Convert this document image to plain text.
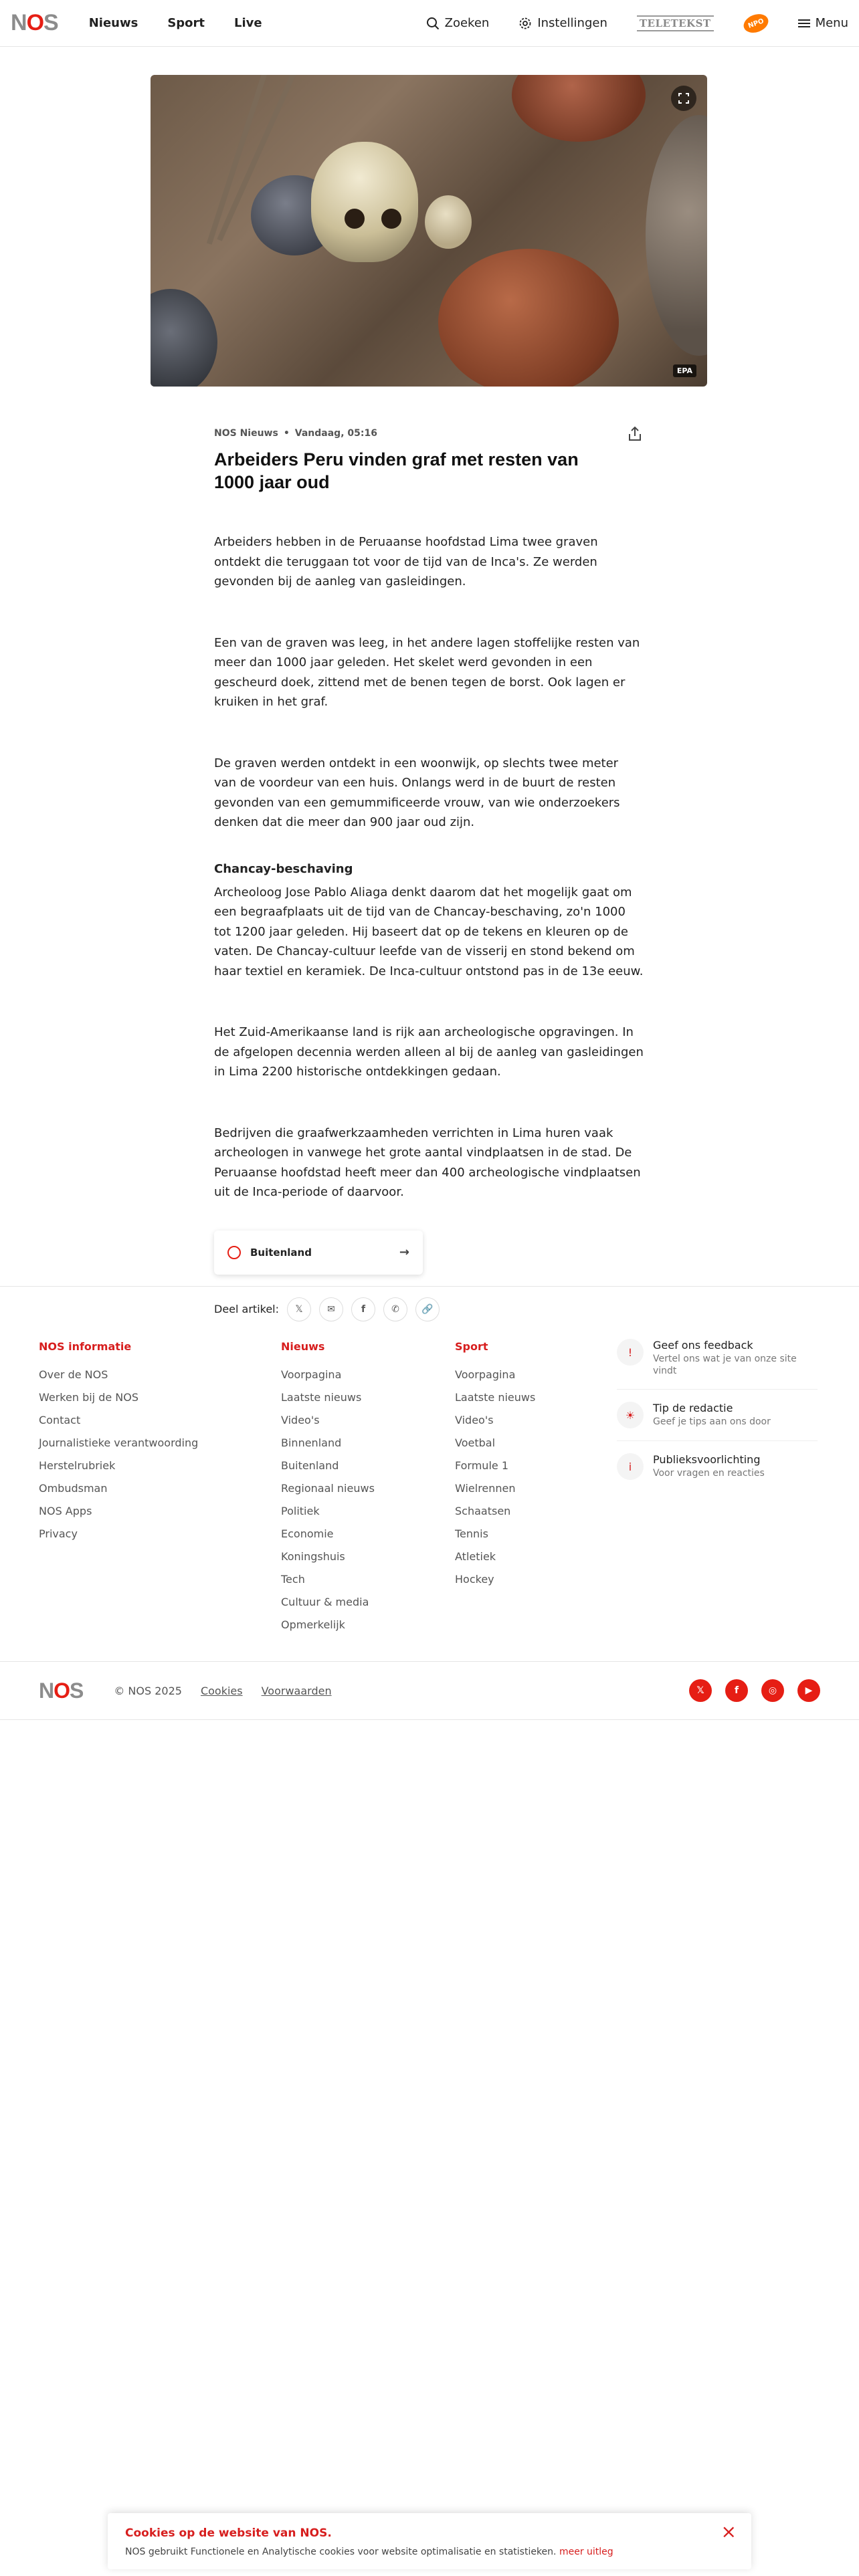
N O S	Nieuws Sport Live	Zoeken	Instellingen	TELETEKST	NPO	Menu
EPA
NOS Nieuws • Vandaag, 05:16
Arbeiders Peru vinden graf met resten van 1000 jaar oud

Arbeiders hebben in de Peruaanse hoofdstad Lima twee graven ontdekt die teruggaan tot voor de tijd van de Inca's. Ze werden gevonden bij de aanleg van gasleidingen.

Een van de graven was leeg, in het andere lagen stoffelijke resten van meer dan 1000 jaar geleden. Het skelet werd gevonden in een gescheurd doek, zittend met de benen tegen de borst. Ook lagen er kruiken in het graf.

De graven werden ontdekt in een woonwijk, op slechts twee meter van de voordeur van een huis. Onlangs werd in de buurt de resten gevonden van een gemummificeerde vrouw, van wie onderzoekers denken dat die meer dan 900 jaar oud zijn.

Chancay-beschaving

Archeoloog Jose Pablo Aliaga denkt daarom dat het mogelijk gaat om een begraafplaats uit de tijd van de Chancay-beschaving, zo'n 1000 tot 1200 jaar geleden. Hij baseert dat op de tekens en kleuren op de vaten. De Chancay-cultuur leefde van de visserij en stond bekend om haar textiel en keramiek. De Inca-cultuur ontstond pas in de 13e eeuw.

Het Zuid-Amerikaanse land is rijk aan archeologische opgravingen. In de afgelopen decennia werden alleen al bij de aanleg van gasleidingen in Lima 2200 historische ontdekkingen gedaan.

Bedrijven die graafwerkzaamheden verrichten in Lima huren vaak archeologen in vanwege het grote aantal vindplaatsen in de stad. De Peruaanse hoofdstad heeft meer dan 400 archeologische vindplaatsen uit de Inca-periode of daarvoor.

Buitenland	→
Deel artikel: 𝕏	✉	f	✆ 🔗
NOS informatie
Over de NOS
Werken bij de NOS
Contact
Journalistieke verantwoording
Herstelrubriek
Ombudsman
NOS Apps
Privacy
Nieuws
Voorpagina
Laatste nieuws
Video's
Binnenland
Buitenland
Regionaal nieuws
Politiek
Economie
Koningshuis
Tech
Cultuur & media
Opmerkelijk
Sport
Voorpagina
Laatste nieuws
Video's
Voetbal
Formule 1
Wielrennen
Schaatsen
Tennis
Atletiek
Hockey
!
Geef ons feedback
Vertel ons wat je van onze site vindt
☀
Tip de redactie
Geef je tips aan ons door
i
Publieksvoorlichting
Voor vragen en reacties
NOS	© NOS 2025 Cookies Voorwaarden	𝕏	f	◎	▶
Cookies op de website van NOS.
NOS gebruikt Functionele en Analytische cookies voor website optimalisatie en statistieken. meer uitleg
×
